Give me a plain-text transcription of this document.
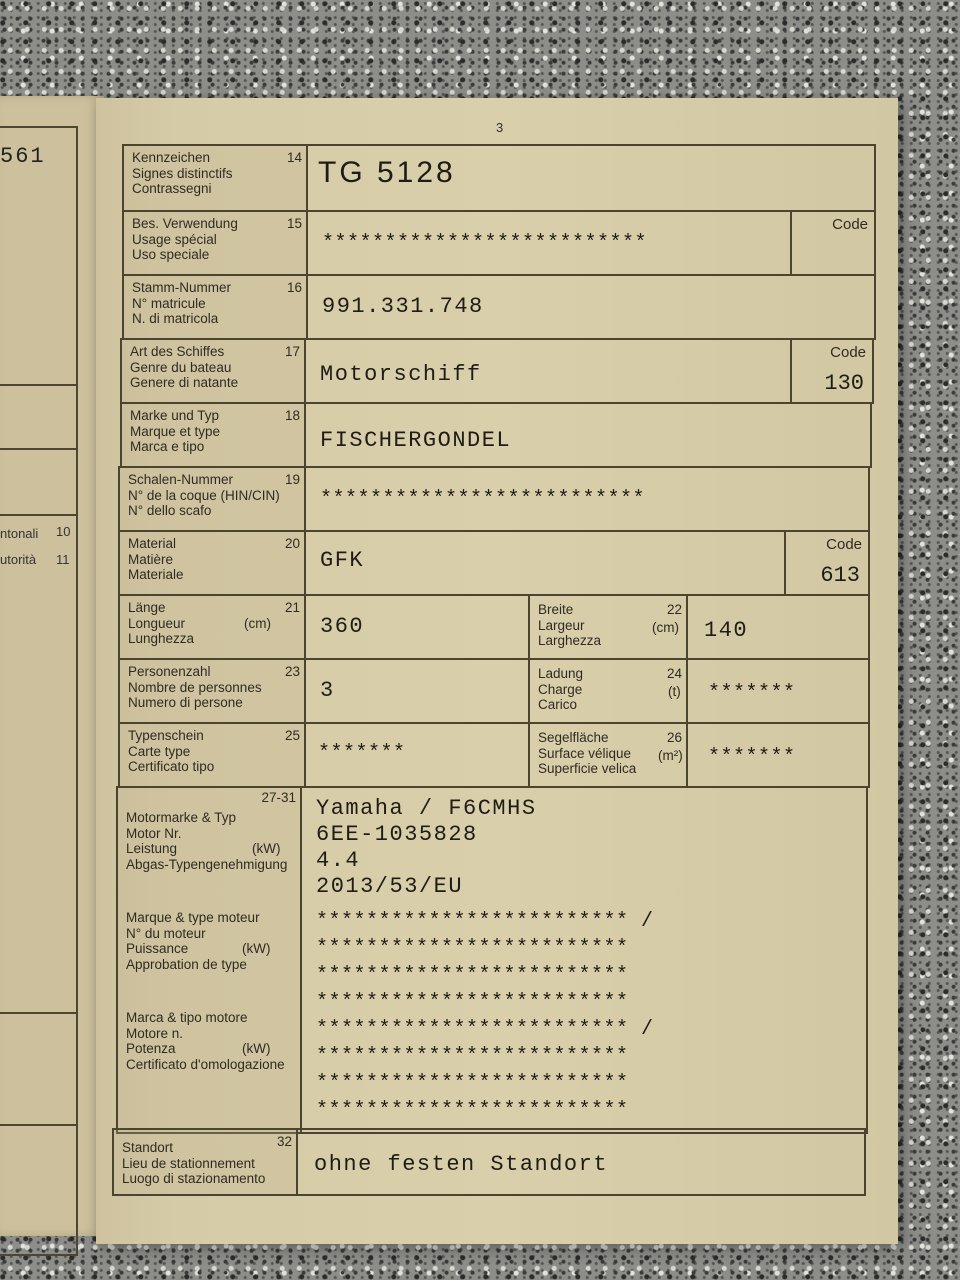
561
ntonali 10
utorità 11
3
Kennzeichen
Signes distinctifs
Contrassegni
14 TG 5128
Bes. Verwendung
Usage spécial
Uso speciale
15
**************************
Code
Stamm-Nummer
N° matricule
N. di matricola
16
991.331.748
Art des Schiffes
Genre du bateau
Genere di natante
17
Motorschiff
Code
130
Marke und Typ
Marque et type
Marca e tipo
18
FISCHERGONDEL
Schalen-Nummer
N° de la coque (HIN/CIN)
N° dello scafo
19
**************************
Material
Matière
Materiale
20
GFK
Code
613
Länge
Longueur
Lunghezza
21
(cm) 360
Breite
Largeur
Larghezza
22
(cm) 140
Personenzahl
Nombre de personnes
Numero di persone
23
3
Ladung
Charge
Carico
24
(t) *******
Typenschein
Carte type
Certificato tipo
25
*******
Segelfläche
Surface vélique
Superficie velica
26
(m²) *******
27-31
Motormarke & Typ
Motor Nr.
Leistung
Abgas-Typengenehmigung
(kW)
Marque & type moteur
N° du moteur
Puissance
Approbation de type
(kW)
Marca & tipo motore
Motore n.
Potenza
Certificato d'omologazione
(kW)
Yamaha / F6CMHS
6EE-1035828
4.4
2013/53/EU
************************* /
*************************
*************************
*************************
************************* /
*************************
*************************
*************************
Standort
Lieu de stationnement
Luogo di stazionamento
32
ohne festen Standort
